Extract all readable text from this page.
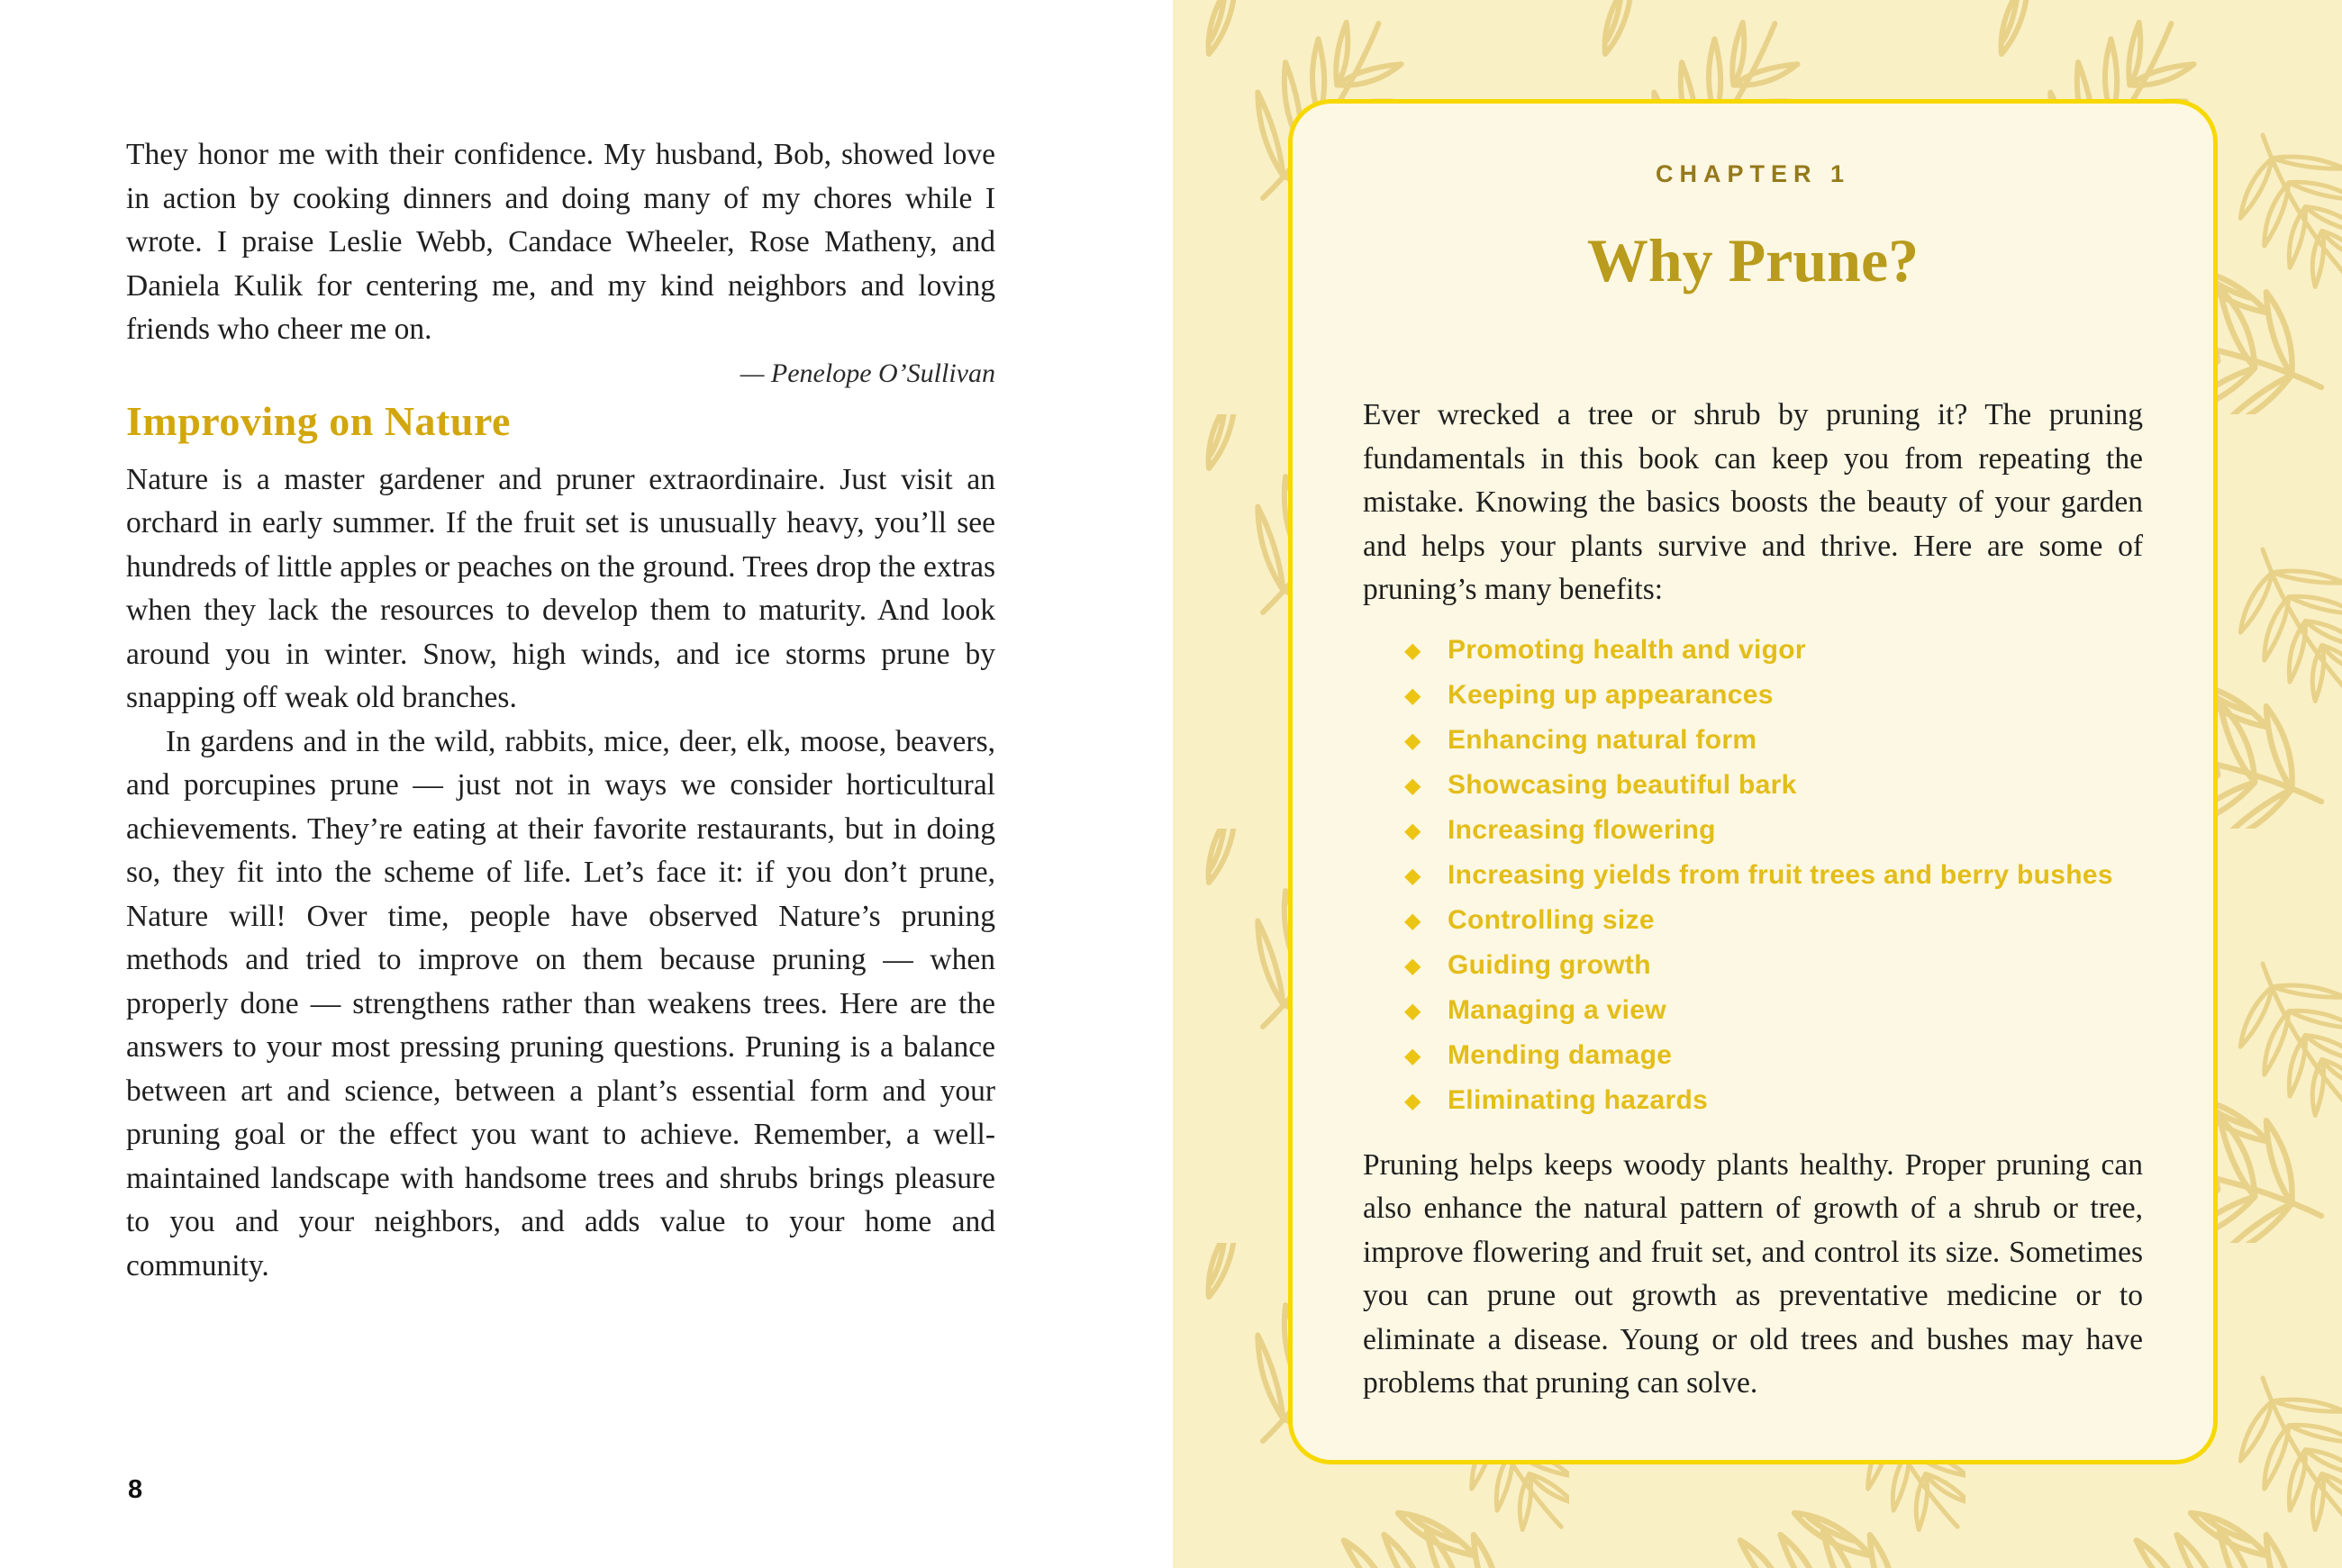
They honor me with their confidence. My husband, Bob, showed love in action by cooking dinners and doing many of my chores while I wrote. I praise Leslie Webb, Candace Wheeler, Rose Matheny, and Daniela Kulik for centering me, and my kind neighbors and loving friends who cheer me on.

— Penelope O’Sullivan

Improving on Nature

Nature is a master gardener and pruner extraordinaire. Just visit an orchard in early summer. If the fruit set is unusually heavy, you’ll see hundreds of little apples or peaches on the ground. Trees drop the extras when they lack the resources to develop them to maturity. And look around you in winter. Snow, high winds, and ice storms prune by snapping off weak old branches.

In gardens and in the wild, rabbits, mice, deer, elk, moose, beavers, and porcupines prune — just not in ways we consider horticultural achievements. They’re eating at their favorite restaurants, but in doing so, they fit into the scheme of life. Let’s face it: if you don’t prune, Nature will! Over time, people have observed Nature’s pruning methods and tried to improve on them because pruning — when properly done — strengthens rather than weakens trees. Here are the answers to your most pressing pruning questions. Pruning is a balance between art and science, between a plant’s essential form and your pruning goal or the effect you want to achieve. Remember, a well-maintained landscape with handsome trees and shrubs brings pleasure to you and your neighbors, and adds value to your home and community.

8
CHAPTER 1
Why Prune?

Ever wrecked a tree or shrub by pruning it? The pruning fundamentals in this book can keep you from repeating the mistake. Knowing the basics boosts the beauty of your garden and helps your plants survive and thrive. Here are some of pruning’s many benefits:

◆ Promoting health and vigor
◆ Keeping up appearances
◆ Enhancing natural form
◆ Showcasing beautiful bark
◆ Increasing flowering
◆ Increasing yields from fruit trees and berry bushes
◆ Controlling size
◆ Guiding growth
◆ Managing a view
◆ Mending damage
◆ Eliminating hazards

Pruning helps keeps woody plants healthy. Proper pruning can also enhance the natural pattern of growth of a shrub or tree, improve flowering and fruit set, and control its size. Sometimes you can prune out growth as preventative medicine or to eliminate a disease. Young or old trees and bushes may have problems that pruning can solve.
